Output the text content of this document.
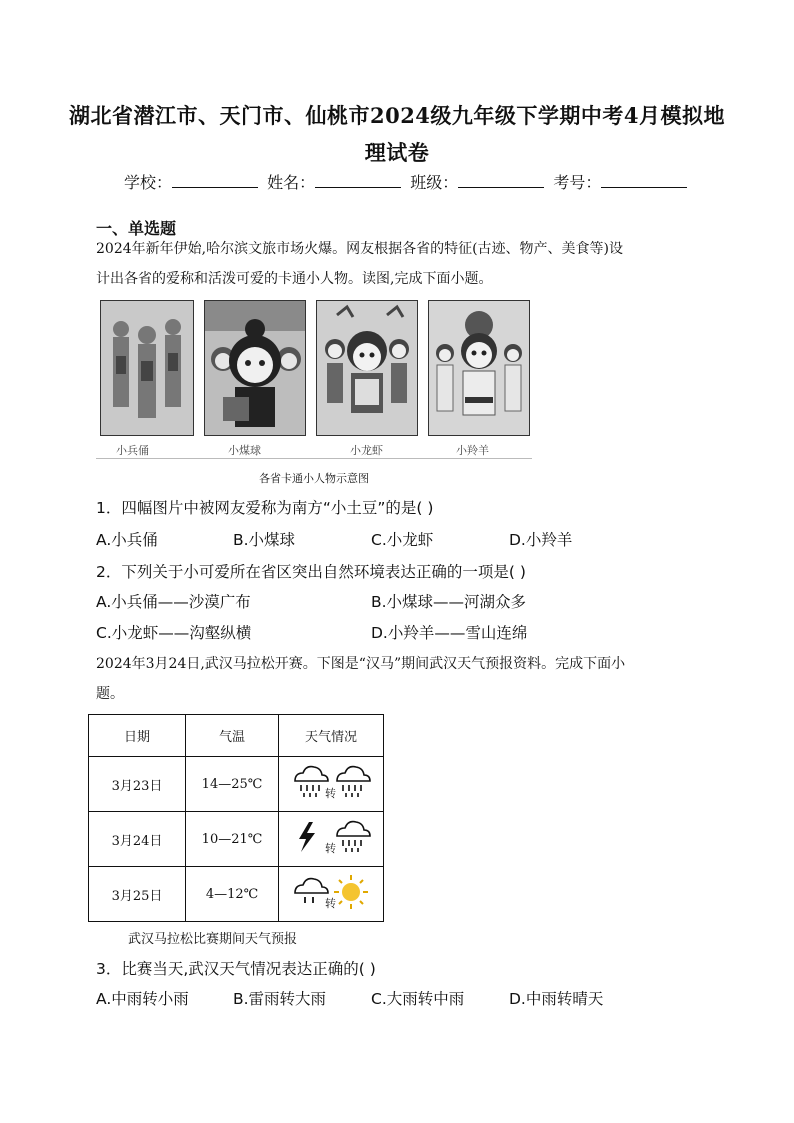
湖北省潜江市、天门市、仙桃市2024级九年级下学期中考4月模拟地
理试卷
学校：	姓名：	班级：	考号：
一、单选题
2024年新年伊始,哈尔滨文旅市场火爆。网友根据各省的特征(古迹、物产、美食等)设
计出各省的爱称和活泼可爱的卡通小人物。读图,完成下面小题。
小兵俑	小煤球	小龙虾	小羚羊
各省卡通小人物示意图
1．四幅图片中被网友爱称为南方“小土豆”的是( )
A.小兵俑	B.小煤球	C.小龙虾	D.小羚羊
2．下列关于小可爱所在省区突出自然环境表达正确的一项是( )
A.小兵俑——沙漠广布	B.小煤球——河湖众多
C.小龙虾——沟壑纵横	D.小羚羊——雪山连绵
2024年3月24日,武汉马拉松开赛。下图是“汉马”期间武汉天气预报资料。完成下面小
题。
日期	气温	天气情况
3月23日	14—25℃	转

3月24日	10—21℃	转

3月25日	4—12℃	转
武汉马拉松比赛期间天气预报
3．比赛当天,武汉天气情况表达正确的( )
A.中雨转小雨	B.雷雨转大雨	C.大雨转中雨	D.中雨转晴天
